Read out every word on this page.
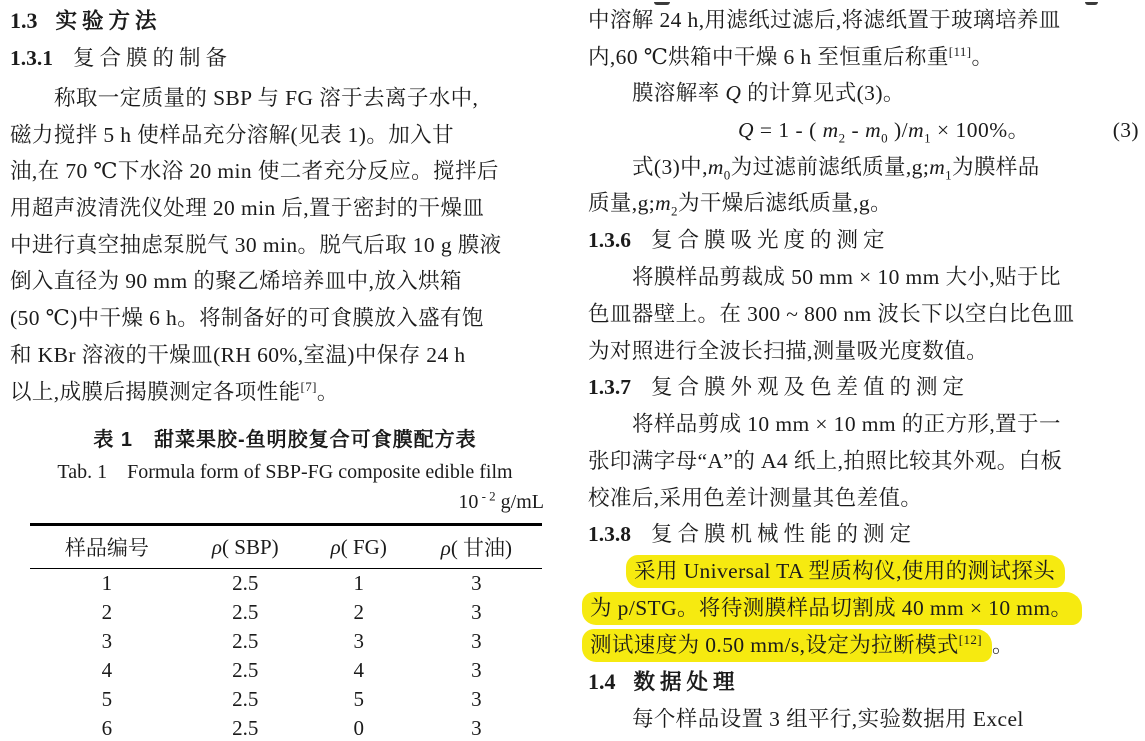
1.3 实验方法
1.3.1 复合膜的制备
称取一定质量的 SBP 与 FG 溶于去离子水中,
磁力搅拌 5 h 使样品充分溶解(见表 1)。加入甘
油,在 70 ℃下水浴 20 min 使二者充分反应。搅拌后
用超声波清洗仪处理 20 min 后,置于密封的干燥皿
中进行真空抽虑泵脱气 30 min。脱气后取 10 g 膜液
倒入直径为 90 mm 的聚乙烯培养皿中,放入烘箱
(50 ℃)中干燥 6 h。将制备好的可食膜放入盛有饱
和 KBr 溶液的干燥皿(RH 60%,室温)中保存 24 h
以上,成膜后揭膜测定各项性能[7]。
表 1　甜菜果胶-鱼明胶复合可食膜配方表
Tab. 1　Formula form of SBP-FG composite edible film
10 $^{- 2}$ g/mL
样品编号	ρ( SBP)	ρ( FG)	ρ( 甘油)
1	2.5	1	3
2	2.5	2	3
3	2.5	3	3
4	2.5	4	3
5	2.5	5	3
6	2.5	0	3
中溶解 24 h,用滤纸过滤后,将滤纸置于玻璃培养皿
内,60 ℃烘箱中干燥 6 h 至恒重后称重[11]。
膜溶解率 Q 的计算见式(3)。
Q = 1 - ( $m_2 - m_0$ )$/m_1 \times 100\%$。	(3)
式(3)中$,m_0$为过滤前滤纸质量$,g;m_1$为膜样品
质量$,g;m_2$为干燥后滤纸质量,g。
1.3.6 复合膜吸光度的测定
将膜样品剪裁成 50 mm × 10 mm 大小,贴于比
色皿器壁上。在 300 ~ 800 nm 波长下以空白比色皿
为对照进行全波长扫描,测量吸光度数值。
1.3.7 复合膜外观及色差值的测定
将样品剪成 10 mm × 10 mm 的正方形,置于一
张印满字母“A”的 A4 纸上,拍照比较其外观。白板
校准后,采用色差计测量其色差值。
1.3.8 复合膜机械性能的测定
采用 Universal TA 型质构仪,使用的测试探头
为 p/STG。将待测膜样品切割成 40 mm × 10 mm。
测试速度为 0.50 mm/s,设定为拉断模式[12] 。
1.4 数据处理
每个样品设置 3 组平行,实验数据用 Excel
